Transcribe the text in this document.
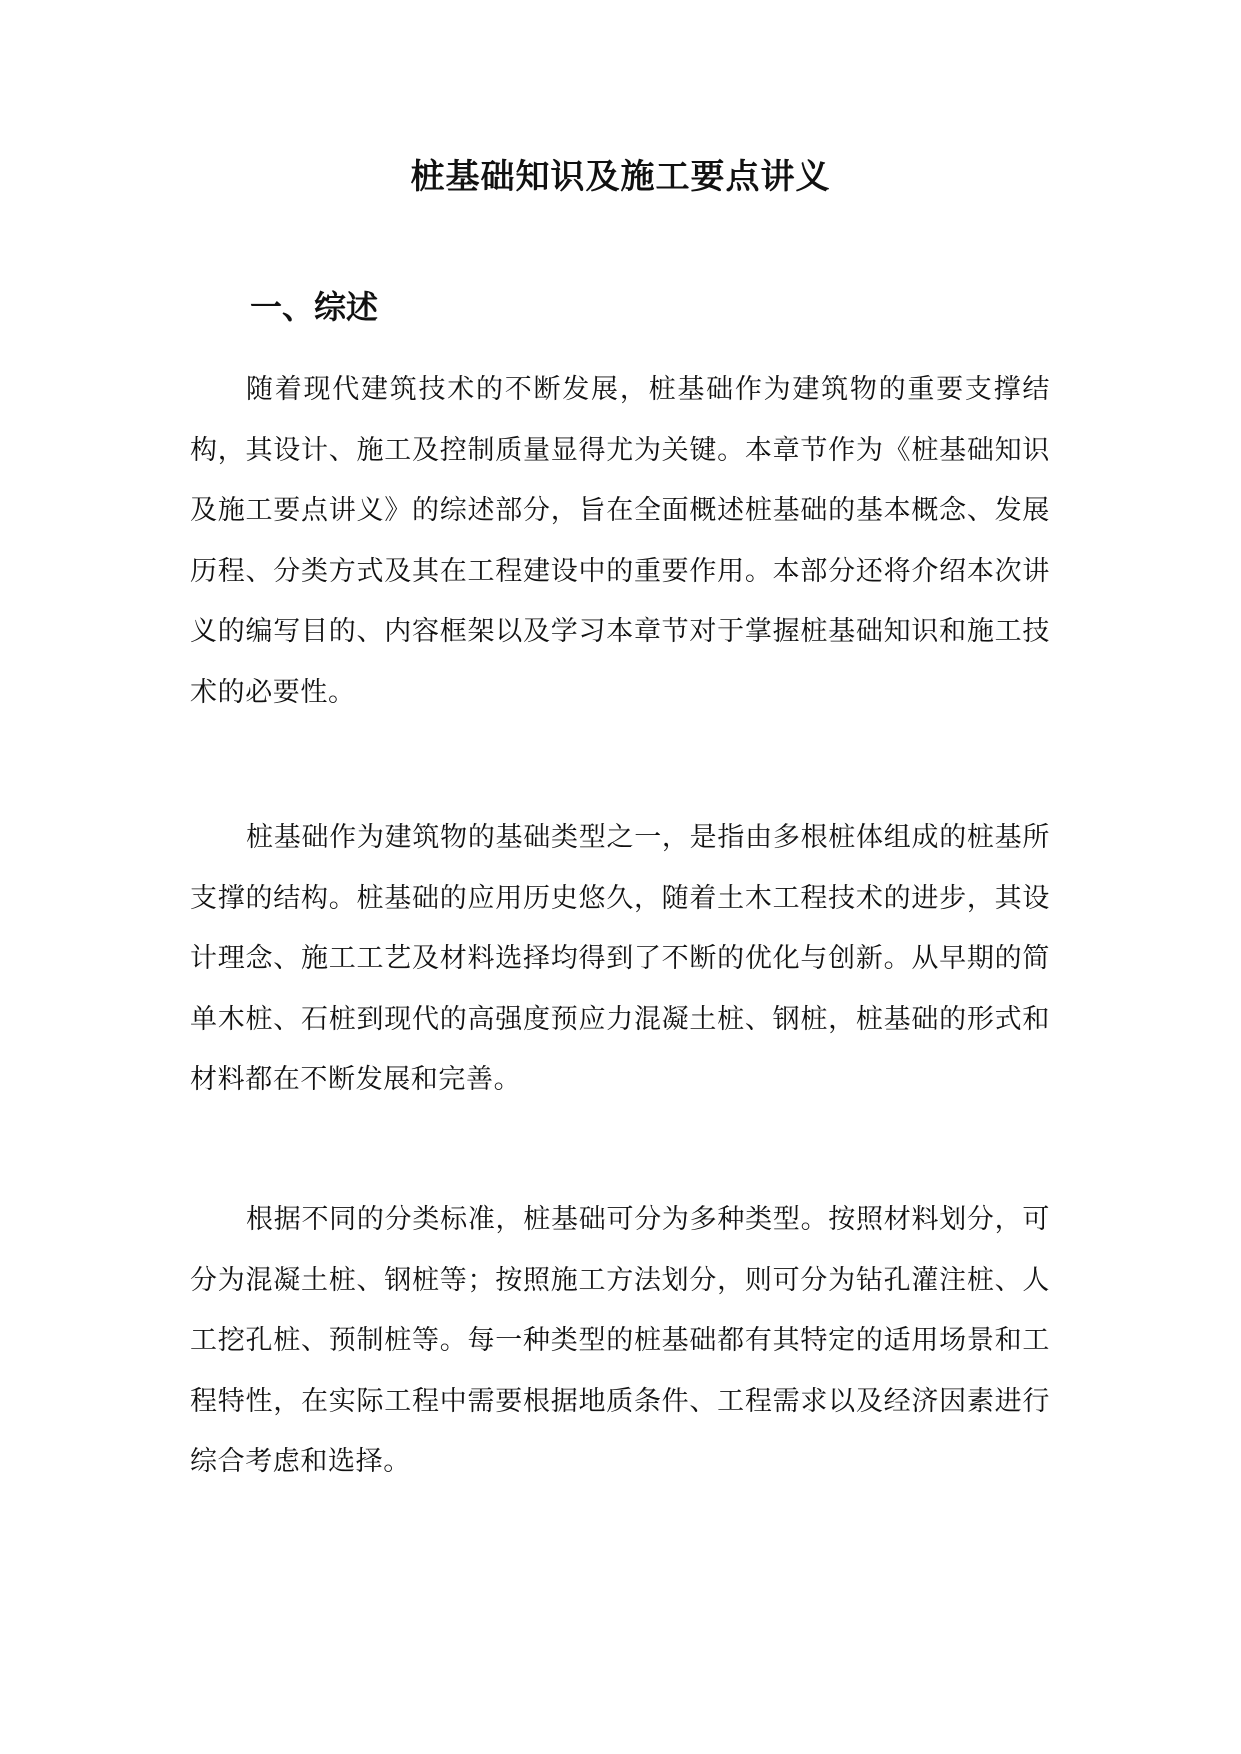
桩基础知识及施工要点讲义
一、综述

随着现代建筑技术的不断发展，桩基础作为建筑物的重要支撑结构，其设计、施工及控制质量显得尤为关键。本章节作为《桩基础知识及施工要点讲义》的综述部分，旨在全面概述桩基础的基本概念、发展历程、分类方式及其在工程建设中的重要作用。本部分还将介绍本次讲义的编写目的、内容框架以及学习本章节对于掌握桩基础知识和施工技术的必要性。

桩基础作为建筑物的基础类型之一，是指由多根桩体组成的桩基所支撑的结构。桩基础的应用历史悠久，随着土木工程技术的进步，其设计理念、施工工艺及材料选择均得到了不断的优化与创新。从早期的简单木桩、石桩到现代的高强度预应力混凝土桩、钢桩，桩基础的形式和材料都在不断发展和完善。

根据不同的分类标准，桩基础可分为多种类型。按照材料划分，可分为混凝土桩、钢桩等；按照施工方法划分，则可分为钻孔灌注桩、人工挖孔桩、预制桩等。每一种类型的桩基础都有其特定的适用场景和工程特性，在实际工程中需要根据地质条件、工程需求以及经济因素进行综合考虑和选择。
